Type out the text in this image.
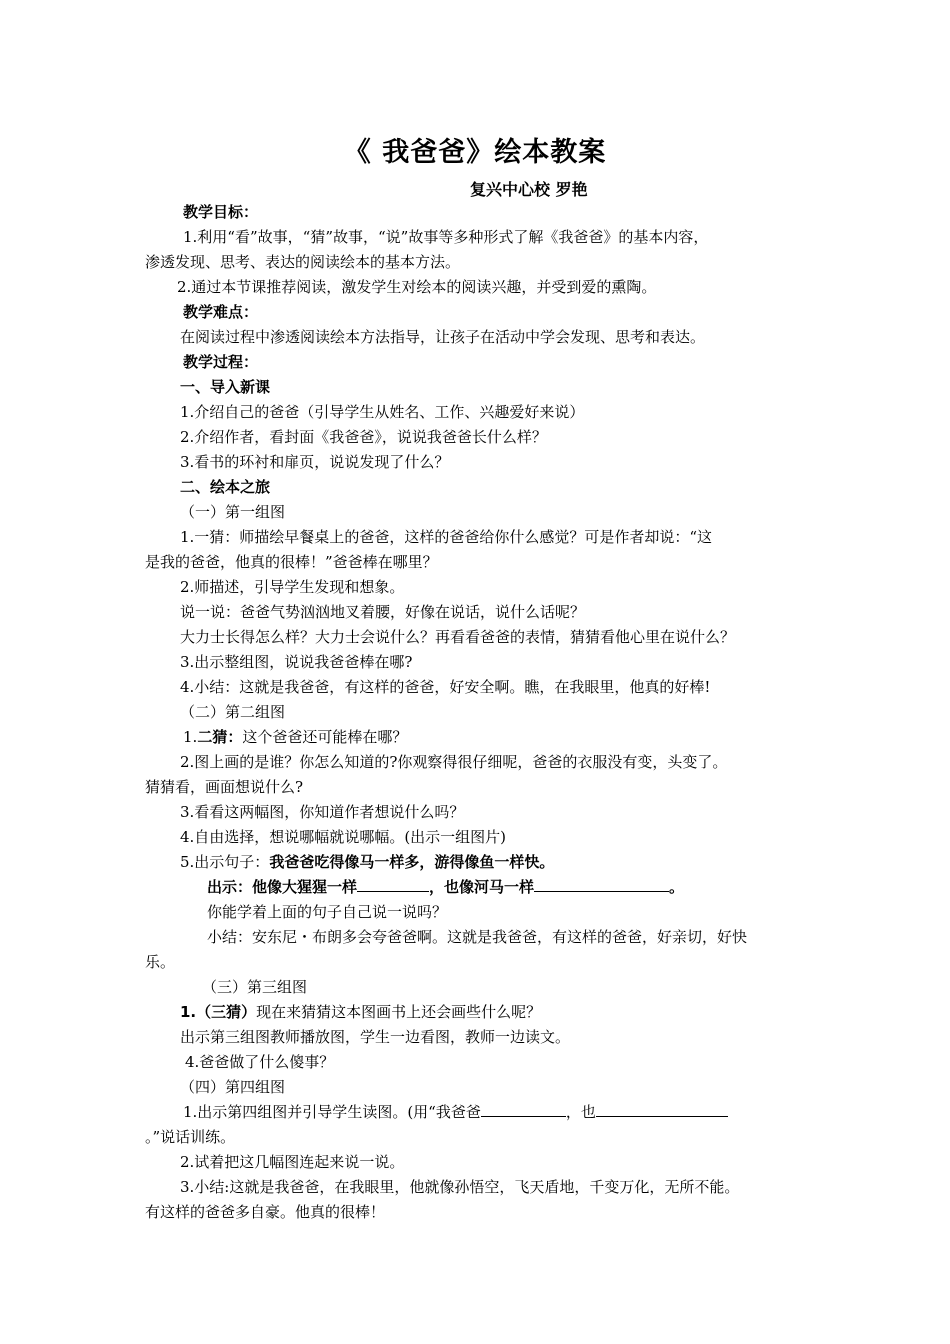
《 我爸爸》绘本教案
复兴中心校 罗艳
教学目标：
1.利用“看”故事，“猜”故事，“说”故事等多种形式了解《我爸爸》的基本内容，
渗透发现、思考、表达的阅读绘本的基本方法。
2.通过本节课推荐阅读，激发学生对绘本的阅读兴趣，并受到爱的熏陶。
教学难点：
在阅读过程中渗透阅读绘本方法指导，让孩子在活动中学会发现、思考和表达。
教学过程：
一、导入新课
1.介绍自己的爸爸（引导学生从姓名、工作、兴趣爱好来说）
2.介绍作者，看封面《我爸爸》，说说我爸爸长什么样？
3.看书的环衬和扉页，说说发现了什么？
二、绘本之旅
（一）第一组图
1.一猜：师描绘早餐桌上的爸爸，这样的爸爸给你什么感觉？可是作者却说：“这
是我的爸爸，他真的很棒！”爸爸棒在哪里？
2.师描述，引导学生发现和想象。
说一说：爸爸气势汹汹地叉着腰，好像在说话，说什么话呢？
大力士长得怎么样？大力士会说什么？再看看爸爸的表情，猜猜看他心里在说什么？
3.出示整组图，说说我爸爸棒在哪?
4.小结：这就是我爸爸，有这样的爸爸，好安全啊。瞧，在我眼里，他真的好棒!
（二）第二组图
1.二猜：这个爸爸还可能棒在哪？
2.图上画的是谁？你怎么知道的?你观察得很仔细呢，爸爸的衣服没有变，头变了。
猜猜看，画面想说什么?
3.看看这两幅图，你知道作者想说什么吗？
4.自由选择，想说哪幅就说哪幅。(出示一组图片)
5.出示句子：我爸爸吃得像马一样多，游得像鱼一样快。
出示：他像大猩猩一样	，也像河马一样	。
你能学着上面的句子自己说一说吗？
小结：安东尼・布朗多会夸爸爸啊。这就是我爸爸，有这样的爸爸，好亲切，好快
乐。
（三）第三组图
1.（三猜）现在来猜猜这本图画书上还会画些什么呢？
出示第三组图教师播放图，学生一边看图，教师一边读文。
4.爸爸做了什么傻事？
（四）第四组图
1.出示第四组图并引导学生读图。(用“我爸爸	，也
。”说话训练。
2.试着把这几幅图连起来说一说。
3.小结:这就是我爸爸，在我眼里，他就像孙悟空，飞天盾地，千变万化，无所不能。
有这样的爸爸多自豪。他真的很棒！
